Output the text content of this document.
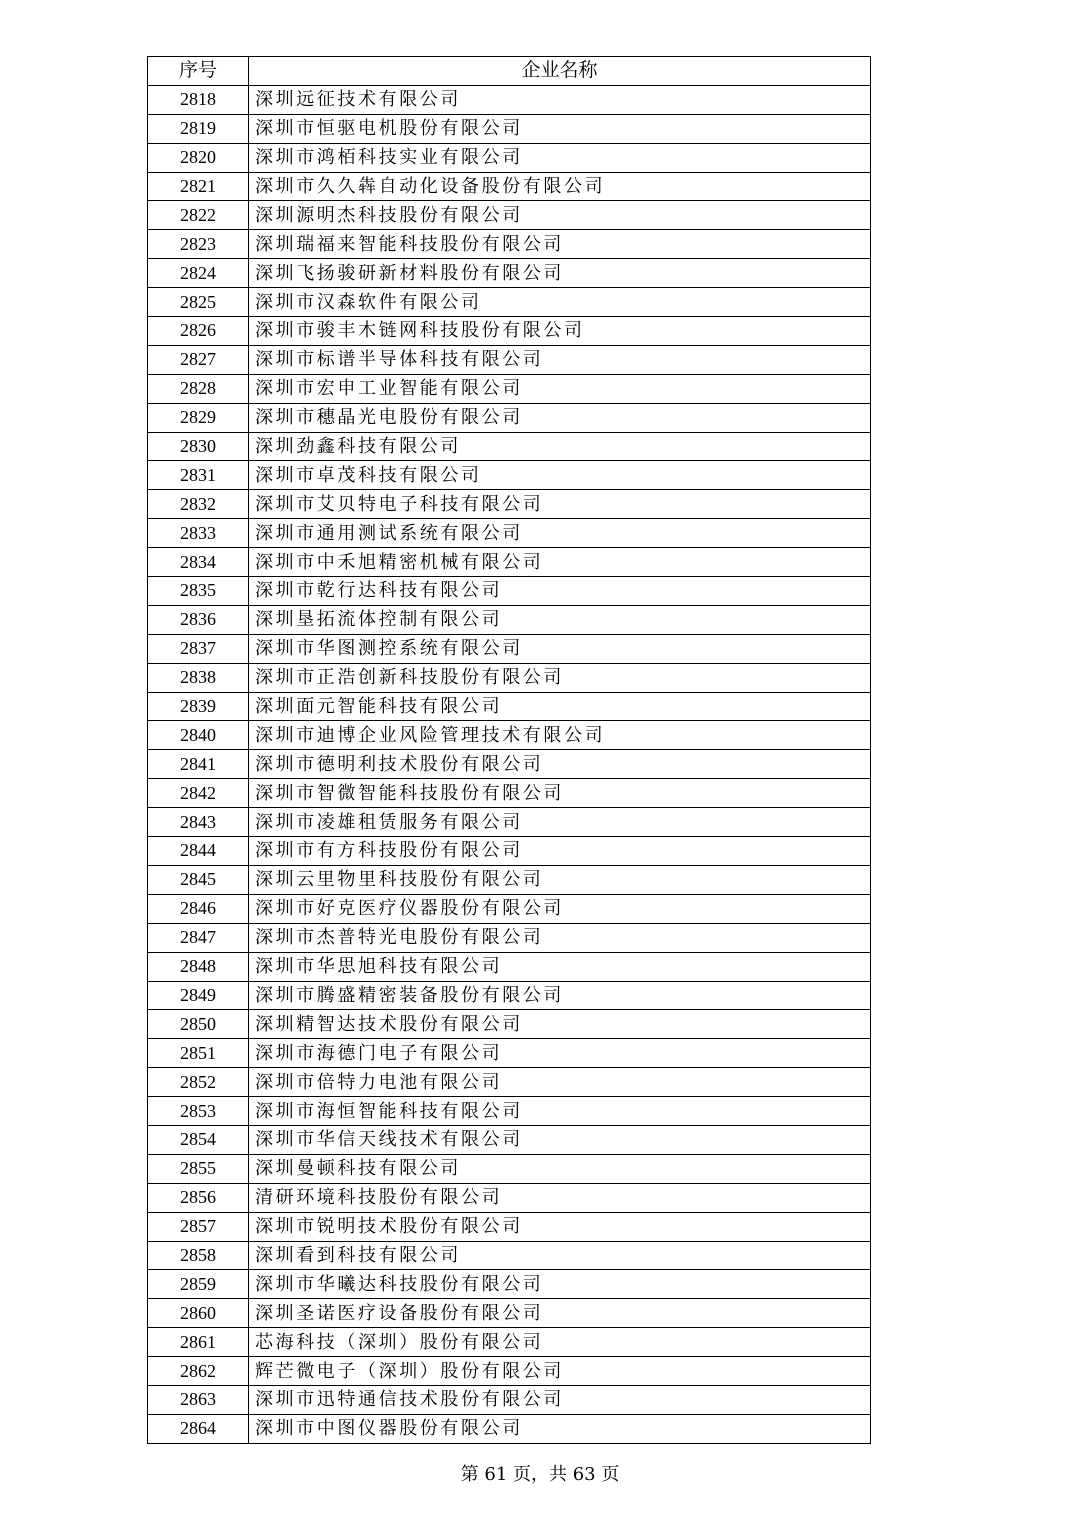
序号	企业名称
2818	深圳远征技术有限公司
2819	深圳市恒驱电机股份有限公司
2820	深圳市鸿栢科技实业有限公司
2821	深圳市久久犇自动化设备股份有限公司
2822	深圳源明杰科技股份有限公司
2823	深圳瑞福来智能科技股份有限公司
2824	深圳飞扬骏研新材料股份有限公司
2825	深圳市汉森软件有限公司
2826	深圳市骏丰木链网科技股份有限公司
2827	深圳市标谱半导体科技有限公司
2828	深圳市宏申工业智能有限公司
2829	深圳市穗晶光电股份有限公司
2830	深圳劲鑫科技有限公司
2831	深圳市卓茂科技有限公司
2832	深圳市艾贝特电子科技有限公司
2833	深圳市通用测试系统有限公司
2834	深圳市中禾旭精密机械有限公司
2835	深圳市乾行达科技有限公司
2836	深圳垦拓流体控制有限公司
2837	深圳市华图测控系统有限公司
2838	深圳市正浩创新科技股份有限公司
2839	深圳面元智能科技有限公司
2840	深圳市迪博企业风险管理技术有限公司
2841	深圳市德明利技术股份有限公司
2842	深圳市智微智能科技股份有限公司
2843	深圳市凌雄租赁服务有限公司
2844	深圳市有方科技股份有限公司
2845	深圳云里物里科技股份有限公司
2846	深圳市好克医疗仪器股份有限公司
2847	深圳市杰普特光电股份有限公司
2848	深圳市华思旭科技有限公司
2849	深圳市腾盛精密装备股份有限公司
2850	深圳精智达技术股份有限公司
2851	深圳市海德门电子有限公司
2852	深圳市倍特力电池有限公司
2853	深圳市海恒智能科技有限公司
2854	深圳市华信天线技术有限公司
2855	深圳曼顿科技有限公司
2856	清研环境科技股份有限公司
2857	深圳市锐明技术股份有限公司
2858	深圳看到科技有限公司
2859	深圳市华曦达科技股份有限公司
2860	深圳圣诺医疗设备股份有限公司
2861	芯海科技（深圳）股份有限公司
2862	辉芒微电子（深圳）股份有限公司
2863	深圳市迅特通信技术股份有限公司
2864	深圳市中图仪器股份有限公司
第 61 页，共 63 页
